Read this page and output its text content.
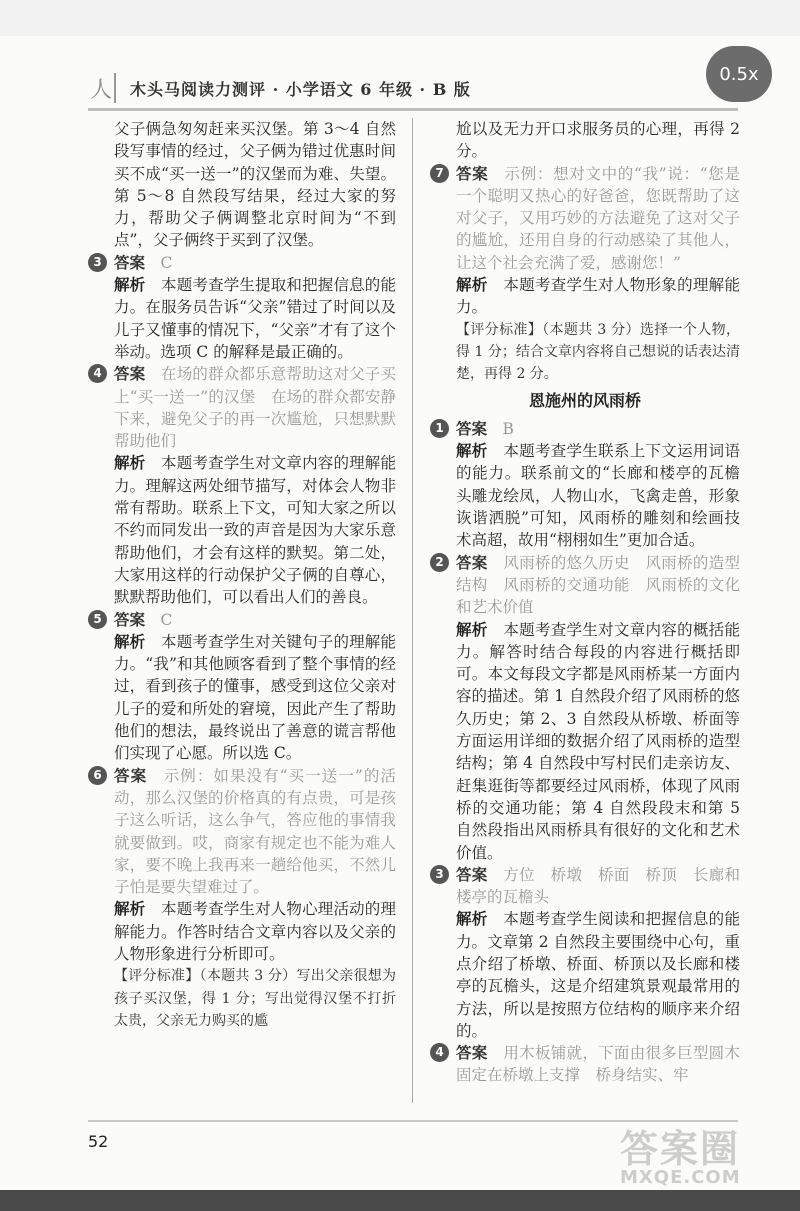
人 木头马阅读力测评 · 小学语文 6 年级 · B 版
0.5x

父子俩急匆匆赶来买汉堡。第 3～4 自然段写事情的经过，父子俩为错过优惠时间买不成“买一送一”的汉堡而为难、失望。第 5～8 自然段写结果，经过大家的努力，帮助父子俩调整北京时间为“不到点”，父子俩终于买到了汉堡。

3 答案　 C

解析　 本题考查学生提取和把握信息的能力。在服务员告诉“父亲”错过了时间以及儿子又懂事的情况下，“父亲”才有了这个举动。选项 C 的解释是最正确的。

4 答案　 在场的群众都乐意帮助这对父子买上“买一送一”的汉堡　在场的群众都安静下来，避免父子的再一次尴尬，只想默默帮助他们

解析　 本题考查学生对文章内容的理解能力。理解这两处细节描写，对体会人物非常有帮助。联系上下文，可知大家之所以不约而同发出一致的声音是因为大家乐意帮助他们，才会有这样的默契。第二处，大家用这样的行动保护父子俩的自尊心，默默帮助他们，可以看出人们的善良。

5 答案　 C

解析　 本题考查学生对关键句子的理解能力。“我”和其他顾客看到了整个事情的经过，看到孩子的懂事，感受到这位父亲对儿子的爱和所处的窘境，因此产生了帮助他们的想法，最终说出了善意的谎言帮他们实现了心愿。所以选 C。

6 答案　 示例：如果没有“买一送一”的活动，那么汉堡的价格真的有点贵，可是孩子这么听话，这么争气，答应他的事情我就要做到。哎，商家有规定也不能为难人家，要不晚上我再来一趟给他买，不然儿子怕是要失望难过了。

解析　 本题考查学生对人物心理活动的理解能力。作答时结合文章内容以及父亲的人物形象进行分析即可。

【评分标准】（本题共 3 分）写出父亲很想为孩子买汉堡，得 1 分；写出觉得汉堡不打折太贵，父亲无力购买的尴

尬以及无力开口求服务员的心理，再得 2 分。

7 答案　 示例：想对文中的“我”说：“您是一个聪明又热心的好爸爸，您既帮助了这对父子，又用巧妙的方法避免了这对父子的尴尬，还用自身的行动感染了其他人，让这个社会充满了爱，感谢您！”

解析　 本题考查学生对人物形象的理解能力。

【评分标准】（本题共 3 分）选择一个人物，得 1 分；结合文章内容将自己想说的话表达清楚，再得 2 分。

恩施州的风雨桥
1 答案　 B

解析　 本题考查学生联系上下文运用词语的能力。联系前文的“长廊和楼亭的瓦檐头雕龙绘凤，人物山水，飞禽走兽，形象诙谐洒脱”可知，风雨桥的雕刻和绘画技术高超，故用“栩栩如生”更加合适。

2 答案　 风雨桥的悠久历史　风雨桥的造型结构　风雨桥的交通功能　风雨桥的文化和艺术价值

解析　 本题考查学生对文章内容的概括能力。解答时结合每段的内容进行概括即可。本文每段文字都是风雨桥某一方面内容的描述。第 1 自然段介绍了风雨桥的悠久历史；第 2、3 自然段从桥墩、桥面等方面运用详细的数据介绍了风雨桥的造型结构；第 4 自然段中写村民们走亲访友、赶集逛街等都要经过风雨桥，体现了风雨桥的交通功能；第 4 自然段段末和第 5 自然段指出风雨桥具有很好的文化和艺术价值。

3 答案　 方位　桥墩　桥面　桥顶　长廊和楼亭的瓦檐头

解析　 本题考查学生阅读和把握信息的能力。文章第 2 自然段主要围绕中心句，重点介绍了桥墩、桥面、桥顶以及长廊和楼亭的瓦檐头，这是介绍建筑景观最常用的方法，所以是按照方位结构的顺序来介绍的。

4 答案　 用木板铺就，下面由很多巨型圆木固定在桥墩上支撑　桥身结实、牢

52	答案圈
MXQE.COM
